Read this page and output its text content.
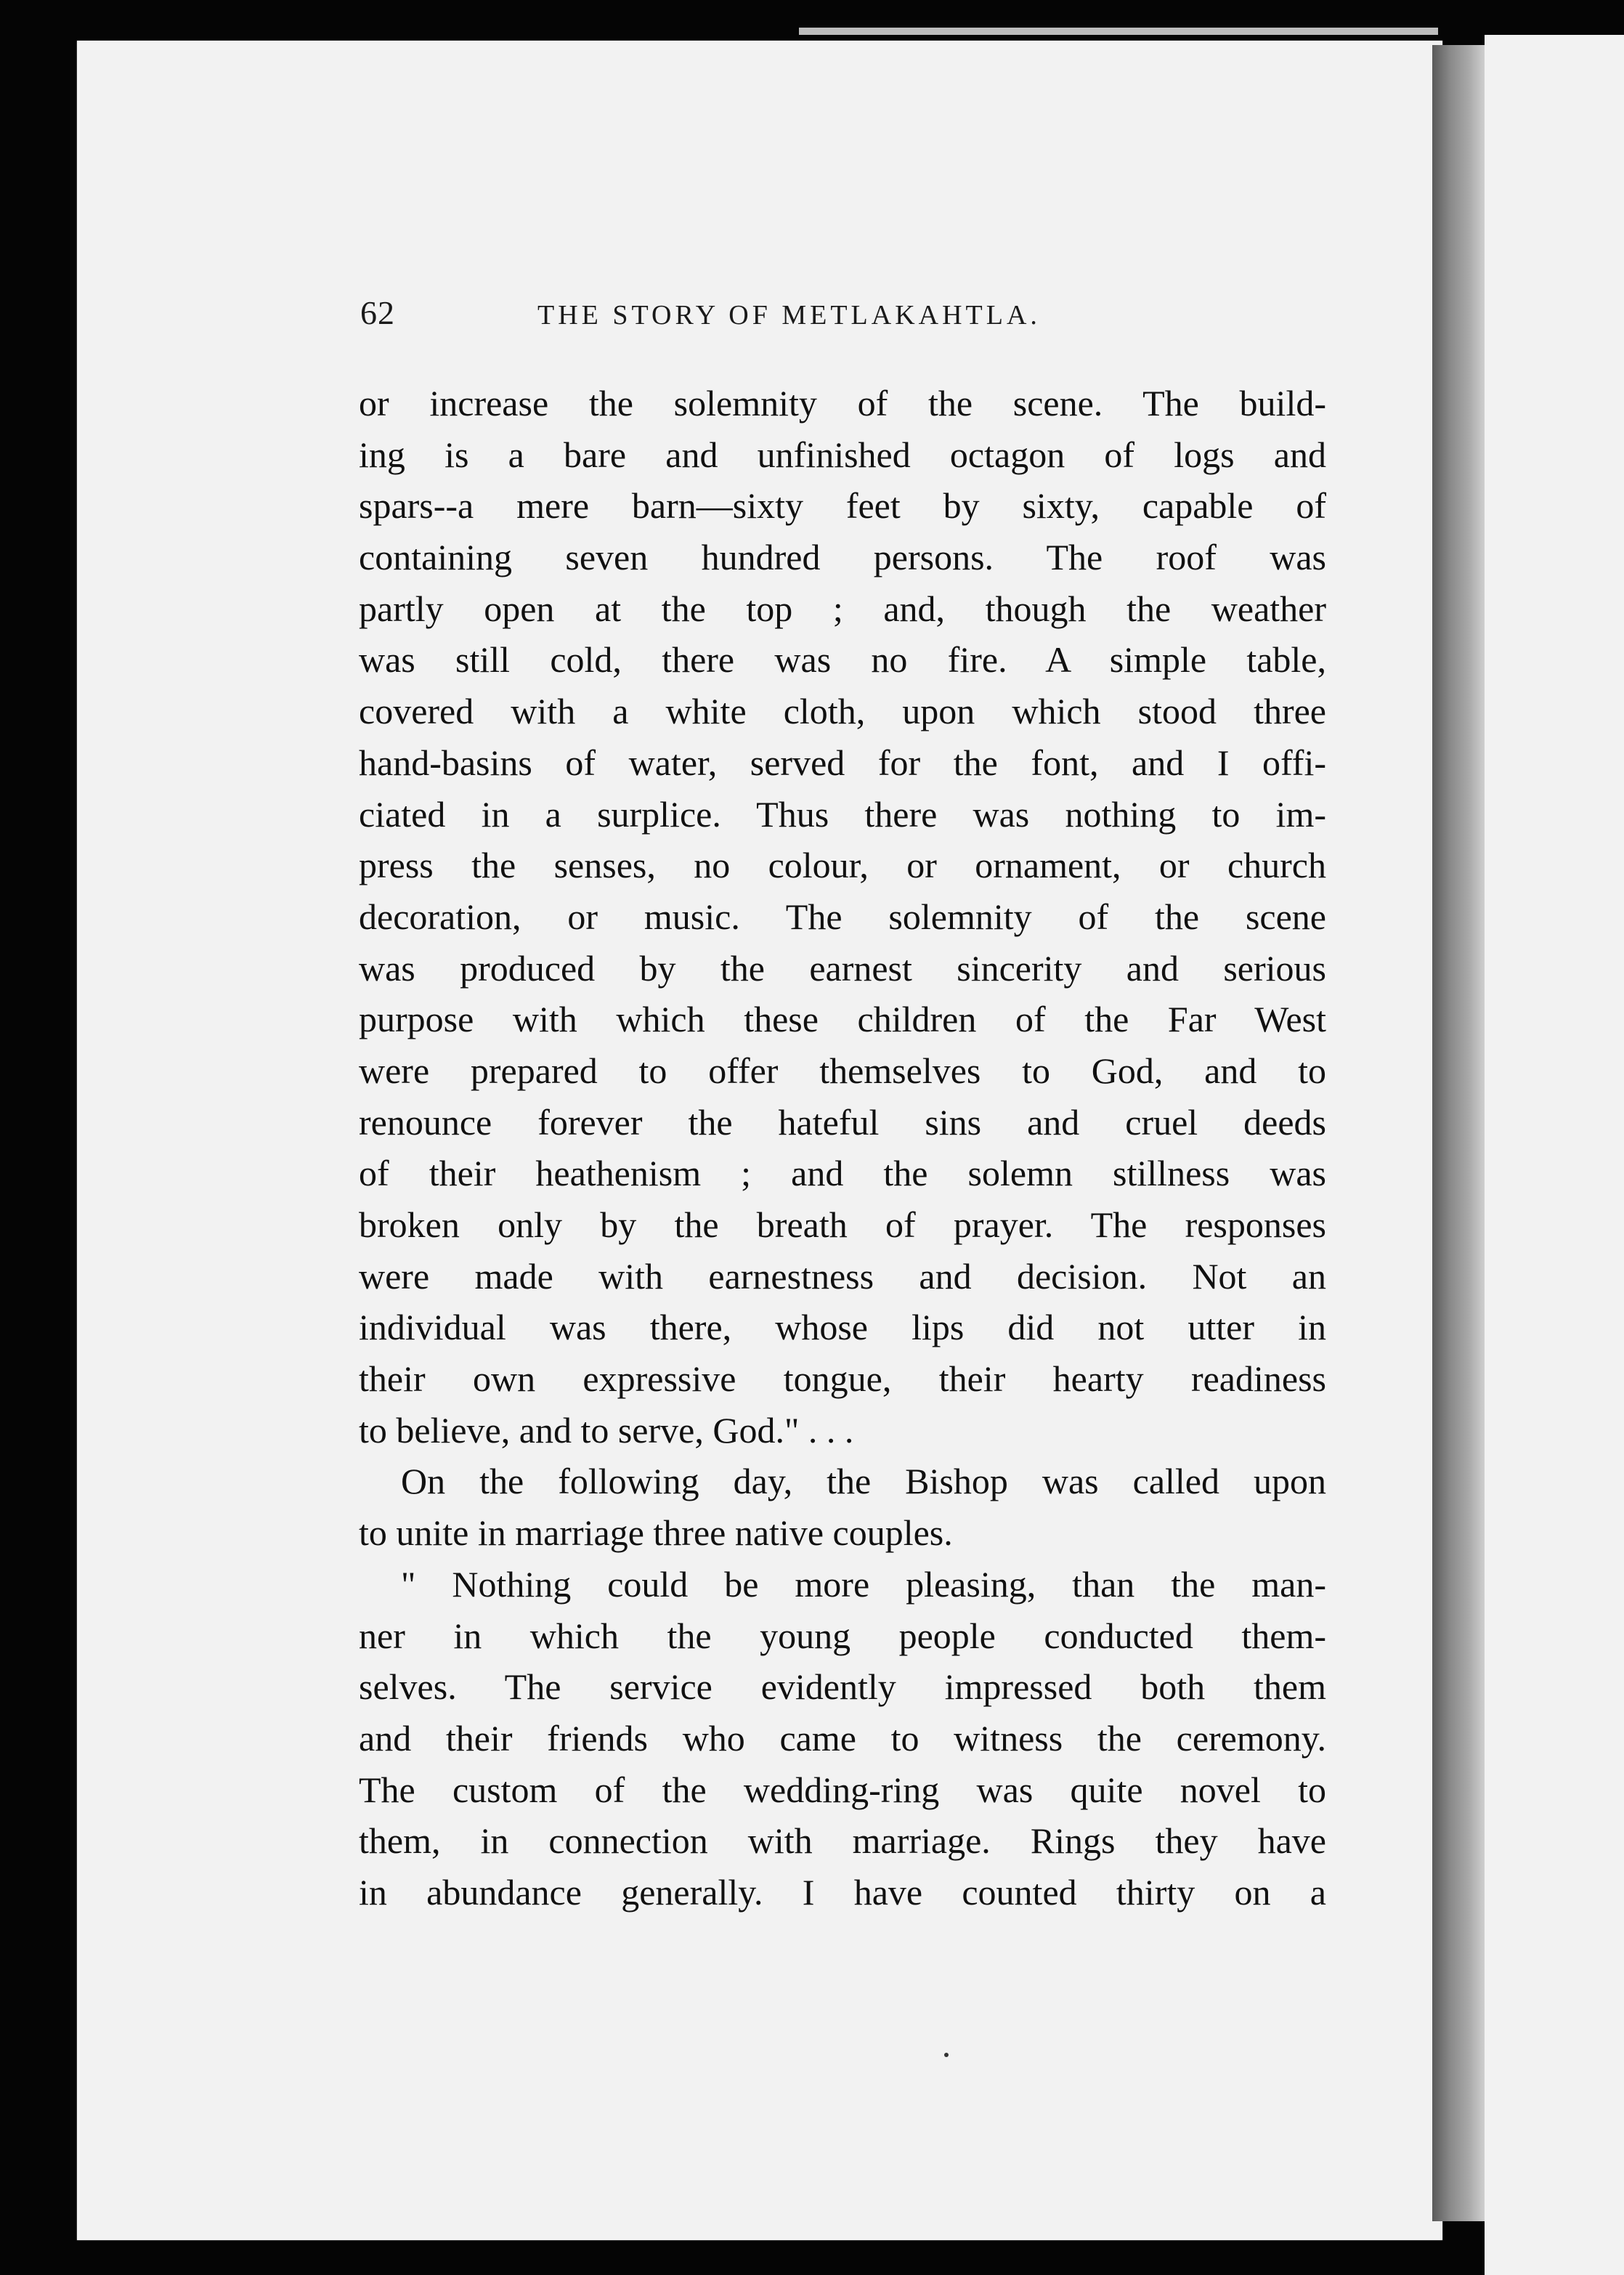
62	THE STORY OF METLAKAHTLA.
or increase the solemnity of the scene. The build-
ing is a bare and unfinished octagon of logs and
spars--a mere barn—sixty feet by sixty, capable of
containing seven hundred persons. The roof was
partly open at the top ; and, though the weather
was still cold, there was no fire. A simple table,
covered with a white cloth, upon which stood three
hand-basins of water, served for the font, and I offi-
ciated in a surplice. Thus there was nothing to im-
press the senses, no colour, or ornament, or church
decoration, or music. The solemnity of the scene
was produced by the earnest sincerity and serious
purpose with which these children of the Far West
were prepared to offer themselves to God, and to
renounce forever the hateful sins and cruel deeds
of their heathenism ; and the solemn stillness was
broken only by the breath of prayer. The responses
were made with earnestness and decision. Not an
individual was there, whose lips did not utter in
their own expressive tongue, their hearty readiness
to believe, and to serve, God." . . .
On the following day, the Bishop was called upon
to unite in marriage three native couples.
" Nothing could be more pleasing, than the man-
ner in which the young people conducted them-
selves. The service evidently impressed both them
and their friends who came to witness the ceremony.
The custom of the wedding-ring was quite novel to
them, in connection with marriage. Rings they have
in abundance generally. I have counted thirty on a
